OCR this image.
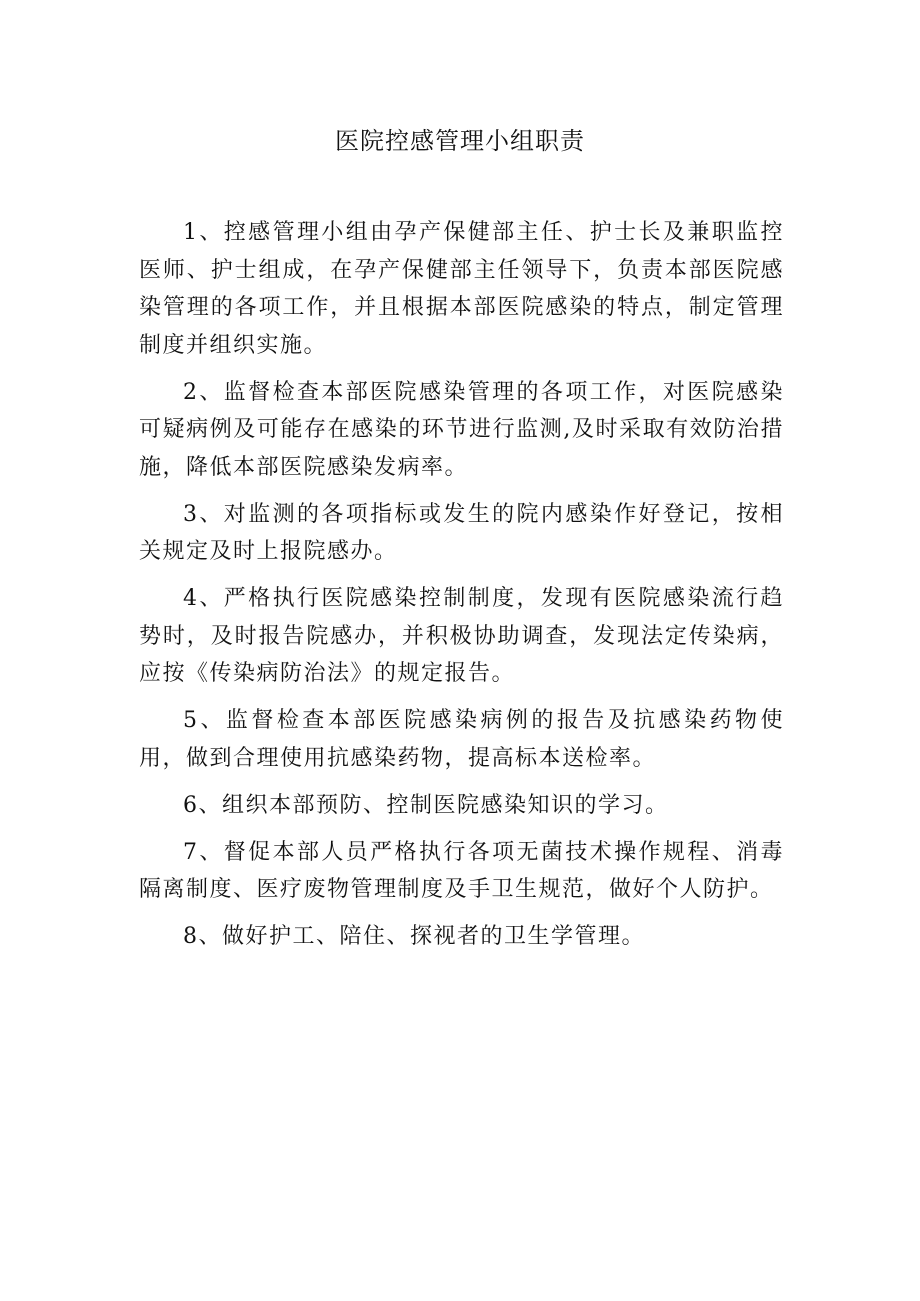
医院控感管理小组职责

1、控感管理小组由孕产保健部主任、护士长及兼职监控医师、护士组成，在孕产保健部主任领导下，负责本部医院感染管理的各项工作，并且根据本部医院感染的特点，制定管理制度并组织实施。

2、监督检查本部医院感染管理的各项工作，对医院感染可疑病例及可能存在感染的环节进行监测,及时采取有效防治措施，降低本部医院感染发病率。

3、对监测的各项指标或发生的院内感染作好登记，按相关规定及时上报院感办。

4、严格执行医院感染控制制度，发现有医院感染流行趋势时，及时报告院感办，并积极协助调查，发现法定传染病，应按《传染病防治法》的规定报告。

5、监督检查本部医院感染病例的报告及抗感染药物使用，做到合理使用抗感染药物，提高标本送检率。

6、组织本部预防、控制医院感染知识的学习。

7、督促本部人员严格执行各项无菌技术操作规程、消毒隔离制度、医疗废物管理制度及手卫生规范，做好个人防护。

8、做好护工、陪住、探视者的卫生学管理。
